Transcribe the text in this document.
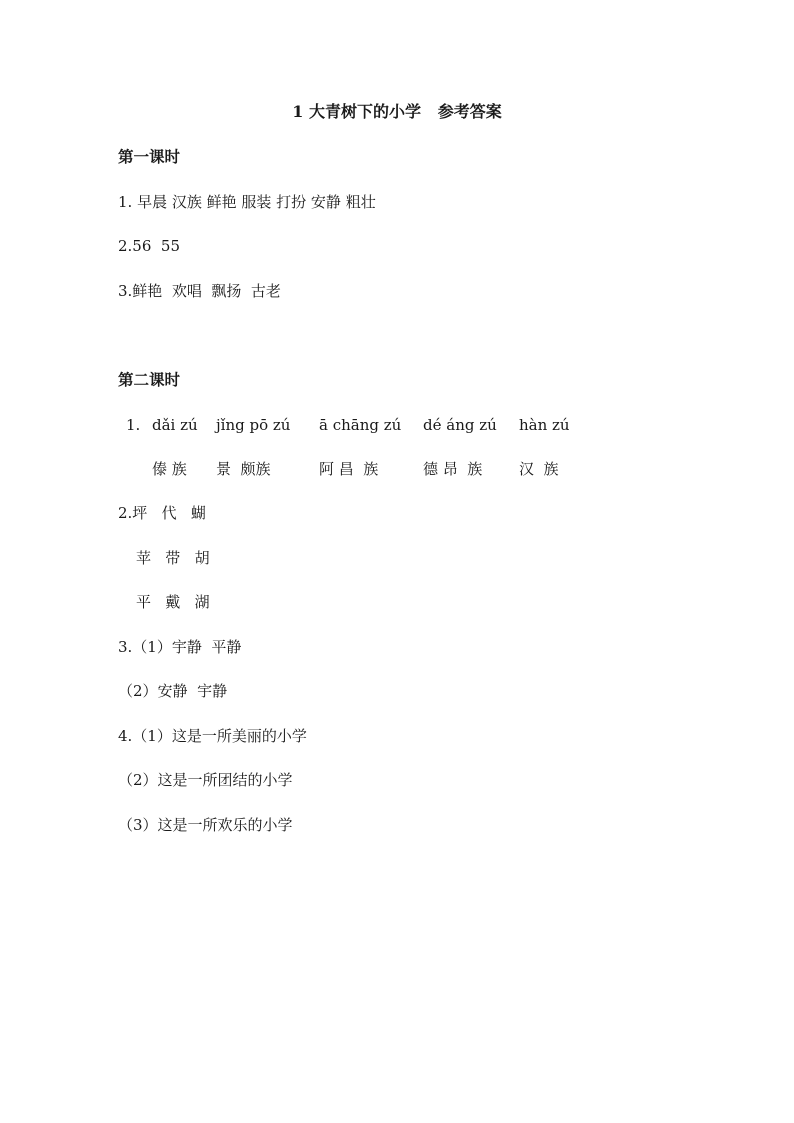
1 大青树下的小学   参考答案
第一课时
1. 早晨 汉族 鲜艳 服装 打扮 安静 粗壮
2.56  55
3.鲜艳  欢唱  飘扬  古老
第二课时
1. dǎi zú jǐng pō zú ā chāng zú dé áng zú hàn zú
傣 族 景  颇族	阿 昌  族	德 昂  族 汉  族
2.坪   代   蝴
苹   带   胡
平   戴   湖
3.（1）宇静  平静
（2）安静  宇静
4.（1）这是一所美丽的小学
（2）这是一所团结的小学
（3）这是一所欢乐的小学
